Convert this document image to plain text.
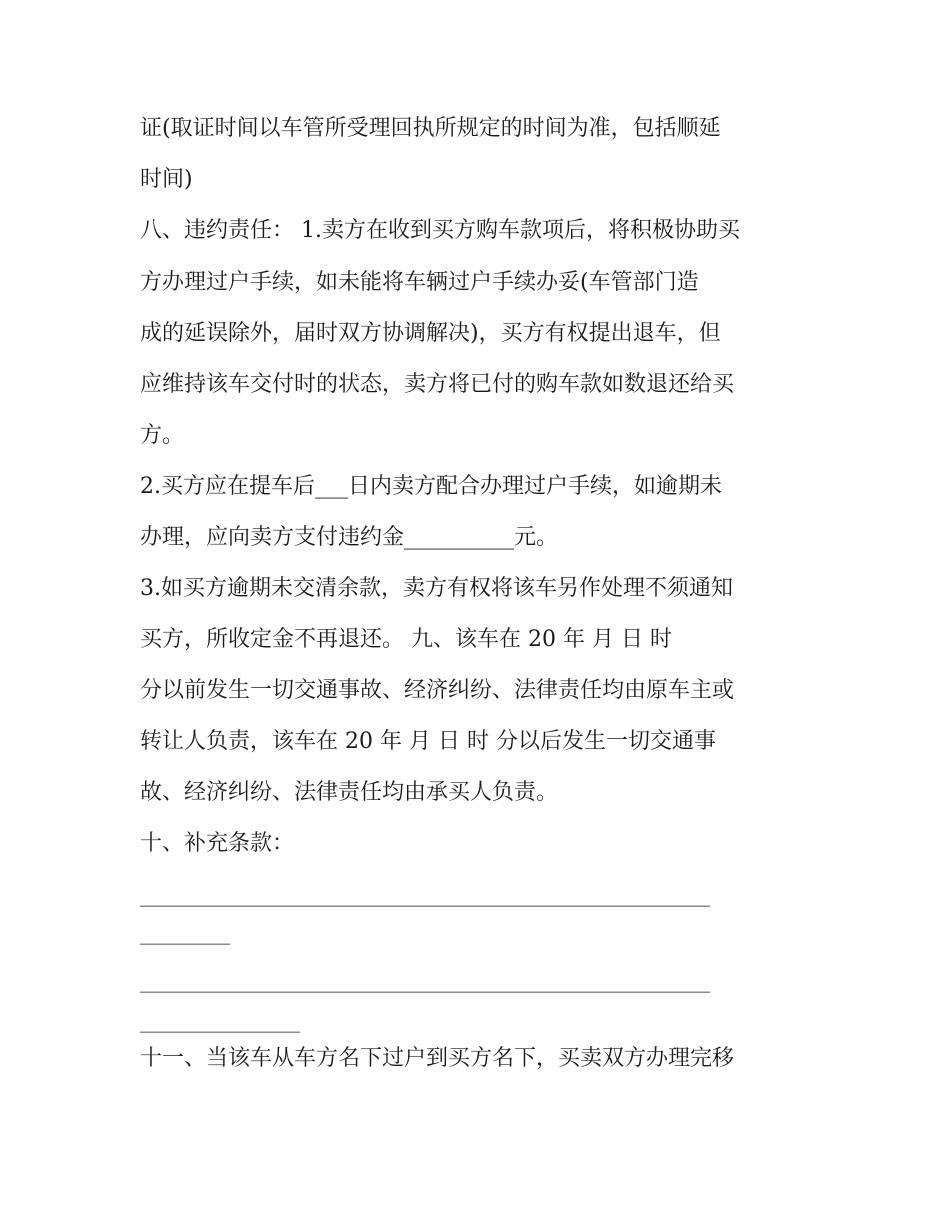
证(取证时间以车管所受理回执所规定的时间为准，包括顺延

时间)

八、违约责任： 1.卖方在收到买方购车款项后，将积极协助买

方办理过户手续，如未能将车辆过户手续办妥(车管部门造

成的延误除外，届时双方协调解决)，买方有权提出退车，但

应维持该车交付时的状态，卖方将已付的购车款如数退还给买

方。

2.买方应在提车后___日内卖方配合办理过户手续，如逾期未

办理，应向卖方支付违约金__________元。

3.如买方逾期未交清余款，卖方有权将该车另作处理不须通知

买方，所收定金不再退还。 九、该车在 20 年 月 日 时

分以前发生一切交通事故、经济纠纷、法律责任均由原车主或

转让人负责，该车在 20 年 月 日 时 分以后发生一切交通事

故、经济纠纷、法律责任均由承买人负责。

十、补充条款：

_________________________________________________________

_________

_________________________________________________________

________________

十一、当该车从车方名下过户到买方名下，买卖双方办理完移
